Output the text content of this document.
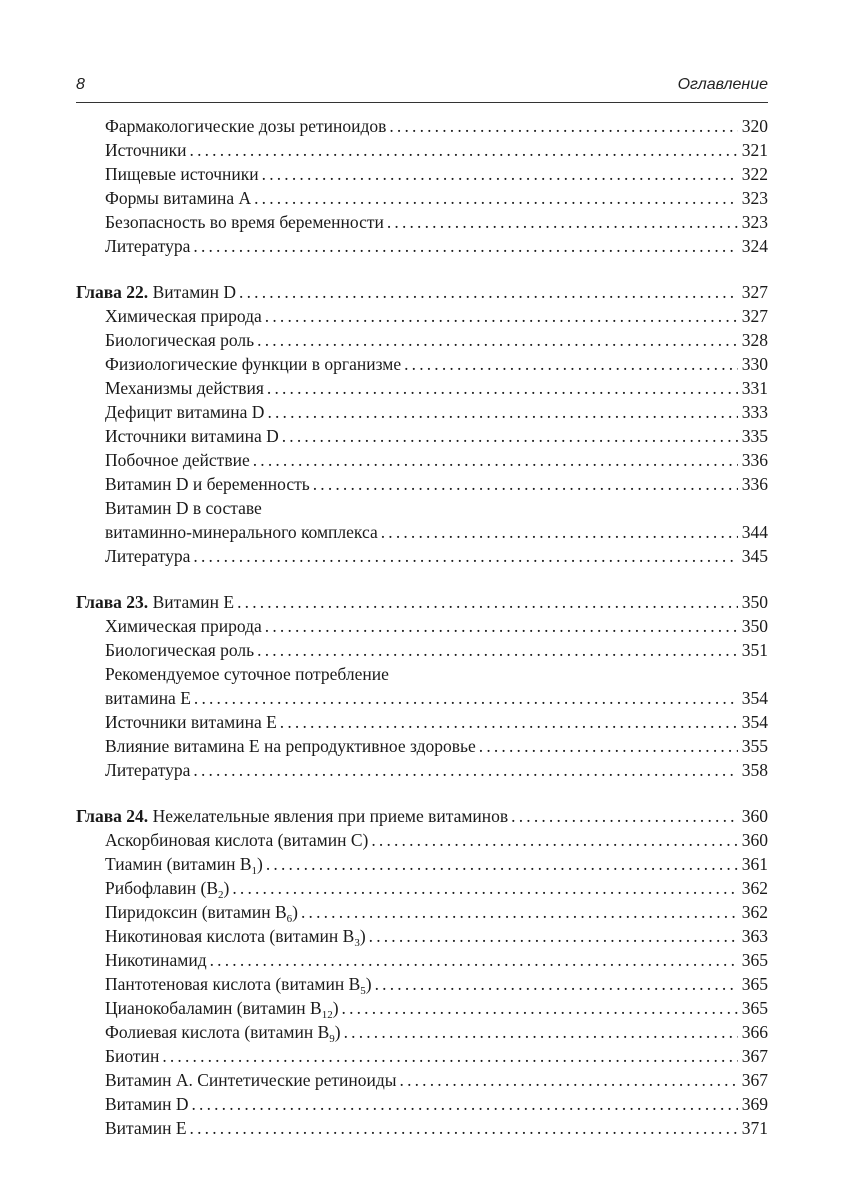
8	Оглавление
Фармакологические дозы ретиноидов . . .	320
Источники . . .	321
Пищевые источники . . .	322
Формы витамина А . . .	323
Безопасность во время беременности . . .	323
Литература . . .	324
Глава 22. Витамин D . . .	327
Химическая природа . . .	327
Биологическая роль . . .	328
Физиологические функции в организме . . .	330
Механизмы действия . . .	331
Дефицит витамина D . . .	333
Источники витамина D . . .	335
Побочное действие . . .	336
Витамин D и беременность . . .	336
Витамин D в составе
витаминно-минерального комплекса . . .	344
Литература . . .	345
Глава 23. Витамин Е . . .	350
Химическая природа . . .	350
Биологическая роль . . .	351
Рекомендуемое суточное потребление
витамина Е . . .	354
Источники витамина Е . . .	354
Влияние витамина Е на репродуктивное здоровье . . .	355
Литература . . .	358
Глава 24. Нежелательные явления при приеме витаминов . . .	360
Аскорбиновая кислота (витамин С) . . .	360
Тиамин (витамин $В_1$) . . .	361
Рибофлавин $(В_2)$ . . .	362
Пиридоксин (витамин $В_6$) . . .	362
Никотиновая кислота (витамин $В_3$) . . .	363
Никотинамид . . .	365
Пантотеновая кислота (витамин $В_5$) . . .	365
Цианокобаламин (витамин $В_{12}$) . . .	365
Фолиевая кислота (витамин $В_9$) . . .	366
Биотин . . .	367
Витамин А. Синтетические ретиноиды . . .	367
Витамин D . . .	369
Витамин Е . . .	371
